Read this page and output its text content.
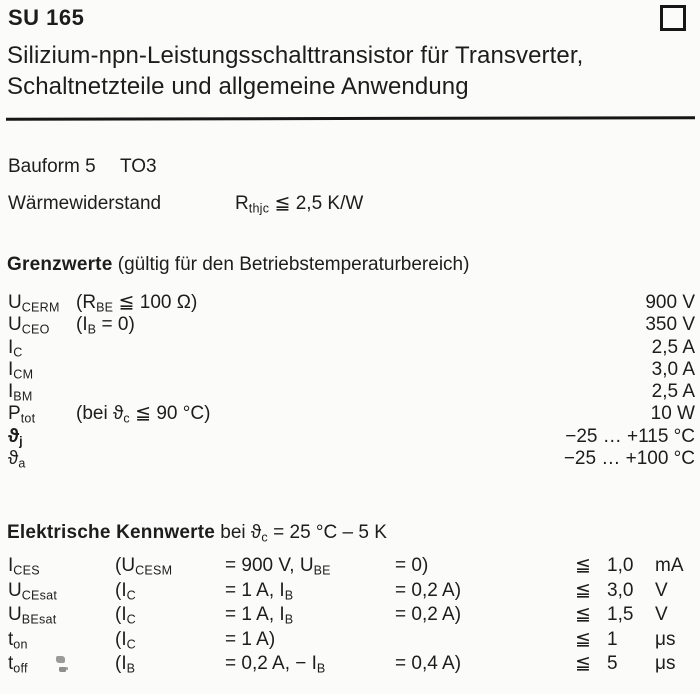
SU 165
Silizium-npn-Leistungsschalttransistor für Transverter,
Schaltnetzteile und allgemeine Anwendung
Bauform 5 TO3
Wärmewiderstand	Rthjc ≦ 2,5 K/W
Grenzwerte (gültig für den Betriebstemperaturbereich)
UCERM (RBE ≦ 100 Ω)	900 V
UCEO	(IB = 0)	350 V
IC	2,5 A
ICM	3,0 A
IBM	2,5 A
Ptot	(bei ϑc ≦ 90 °C)	10 W
ϑj	−25 … +115 °C
ϑa	−25 … +100 °C
Elektrische Kennwerte bei ϑc = 25 °C – 5 K
ICES	(UCESM	= 900 V, UBE	= 0)	≦ 1,0	mA
UCEsat	(IC	= 1 A, IB	= 0,2 A)	≦ 3,0	V
UBEsat	(IC	= 1 A, IB	= 0,2 A)	≦ 1,5	V
ton	(IC	= 1 A)	≦ 1	μs
toff	(IB	= 0,2 A, − IB	= 0,4 A)	≦ 5	μs
